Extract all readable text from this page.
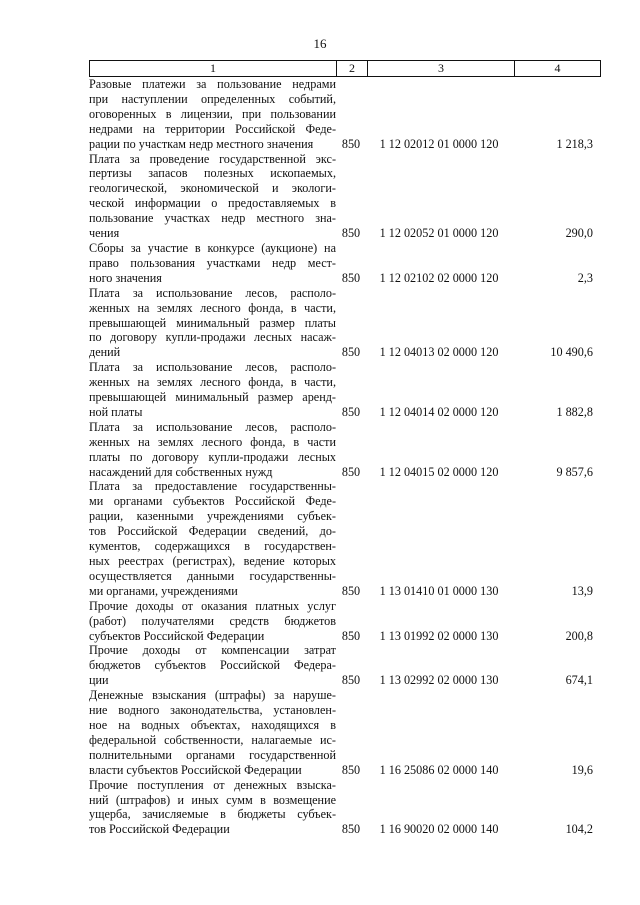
16
1	2	3	4
Разовые платежи за пользование недрами
при наступлении определенных событий,
оговоренных в лицензии, при пользовании
недрами на территории Российской Феде-
рации по участкам недр местного значения	850	1 12 02012 01 0000 120	1 218,3
Плата за проведение государственной экс-
пертизы запасов полезных ископаемых,
геологической, экономической и экологи-
ческой информации о предоставляемых в
пользование участках недр местного зна-
чения	850	1 12 02052 01 0000 120	290,0
Сборы за участие в конкурсе (аукционе) на
право пользования участками недр мест-
ного значения	850	1 12 02102 02 0000 120	2,3
Плата за использование лесов, располо-
женных на землях лесного фонда, в части,
превышающей минимальный размер платы
по договору купли-продажи лесных насаж-
дений	850	1 12 04013 02 0000 120	10 490,6
Плата за использование лесов, располо-
женных на землях лесного фонда, в части,
превышающей минимальный размер аренд-
ной платы	850	1 12 04014 02 0000 120	1 882,8
Плата за использование лесов, располо-
женных на землях лесного фонда, в части
платы по договору купли-продажи лесных
насаждений для собственных нужд	850	1 12 04015 02 0000 120	9 857,6
Плата за предоставление государственны-
ми органами субъектов Российской Феде-
рации, казенными учреждениями субъек-
тов Российской Федерации сведений, до-
кументов, содержащихся в государствен-
ных реестрах (регистрах), ведение которых
осуществляется данными государственны-
ми органами, учреждениями	850	1 13 01410 01 0000 130	13,9
Прочие доходы от оказания платных услуг
(работ) получателями средств бюджетов
субъектов Российской Федерации	850	1 13 01992 02 0000 130	200,8
Прочие доходы от компенсации затрат
бюджетов субъектов Российской Федера-
ции	850	1 13 02992 02 0000 130	674,1
Денежные взыскания (штрафы) за наруше-
ние водного законодательства, установлен-
ное на водных объектах, находящихся в
федеральной собственности, налагаемые ис-
полнительными органами государственной
власти субъектов Российской Федерации	850	1 16 25086 02 0000 140	19,6
Прочие поступления от денежных взыска-
ний (штрафов) и иных сумм в возмещение
ущерба, зачисляемые в бюджеты субъек-
тов Российской Федерации	850	1 16 90020 02 0000 140	104,2
